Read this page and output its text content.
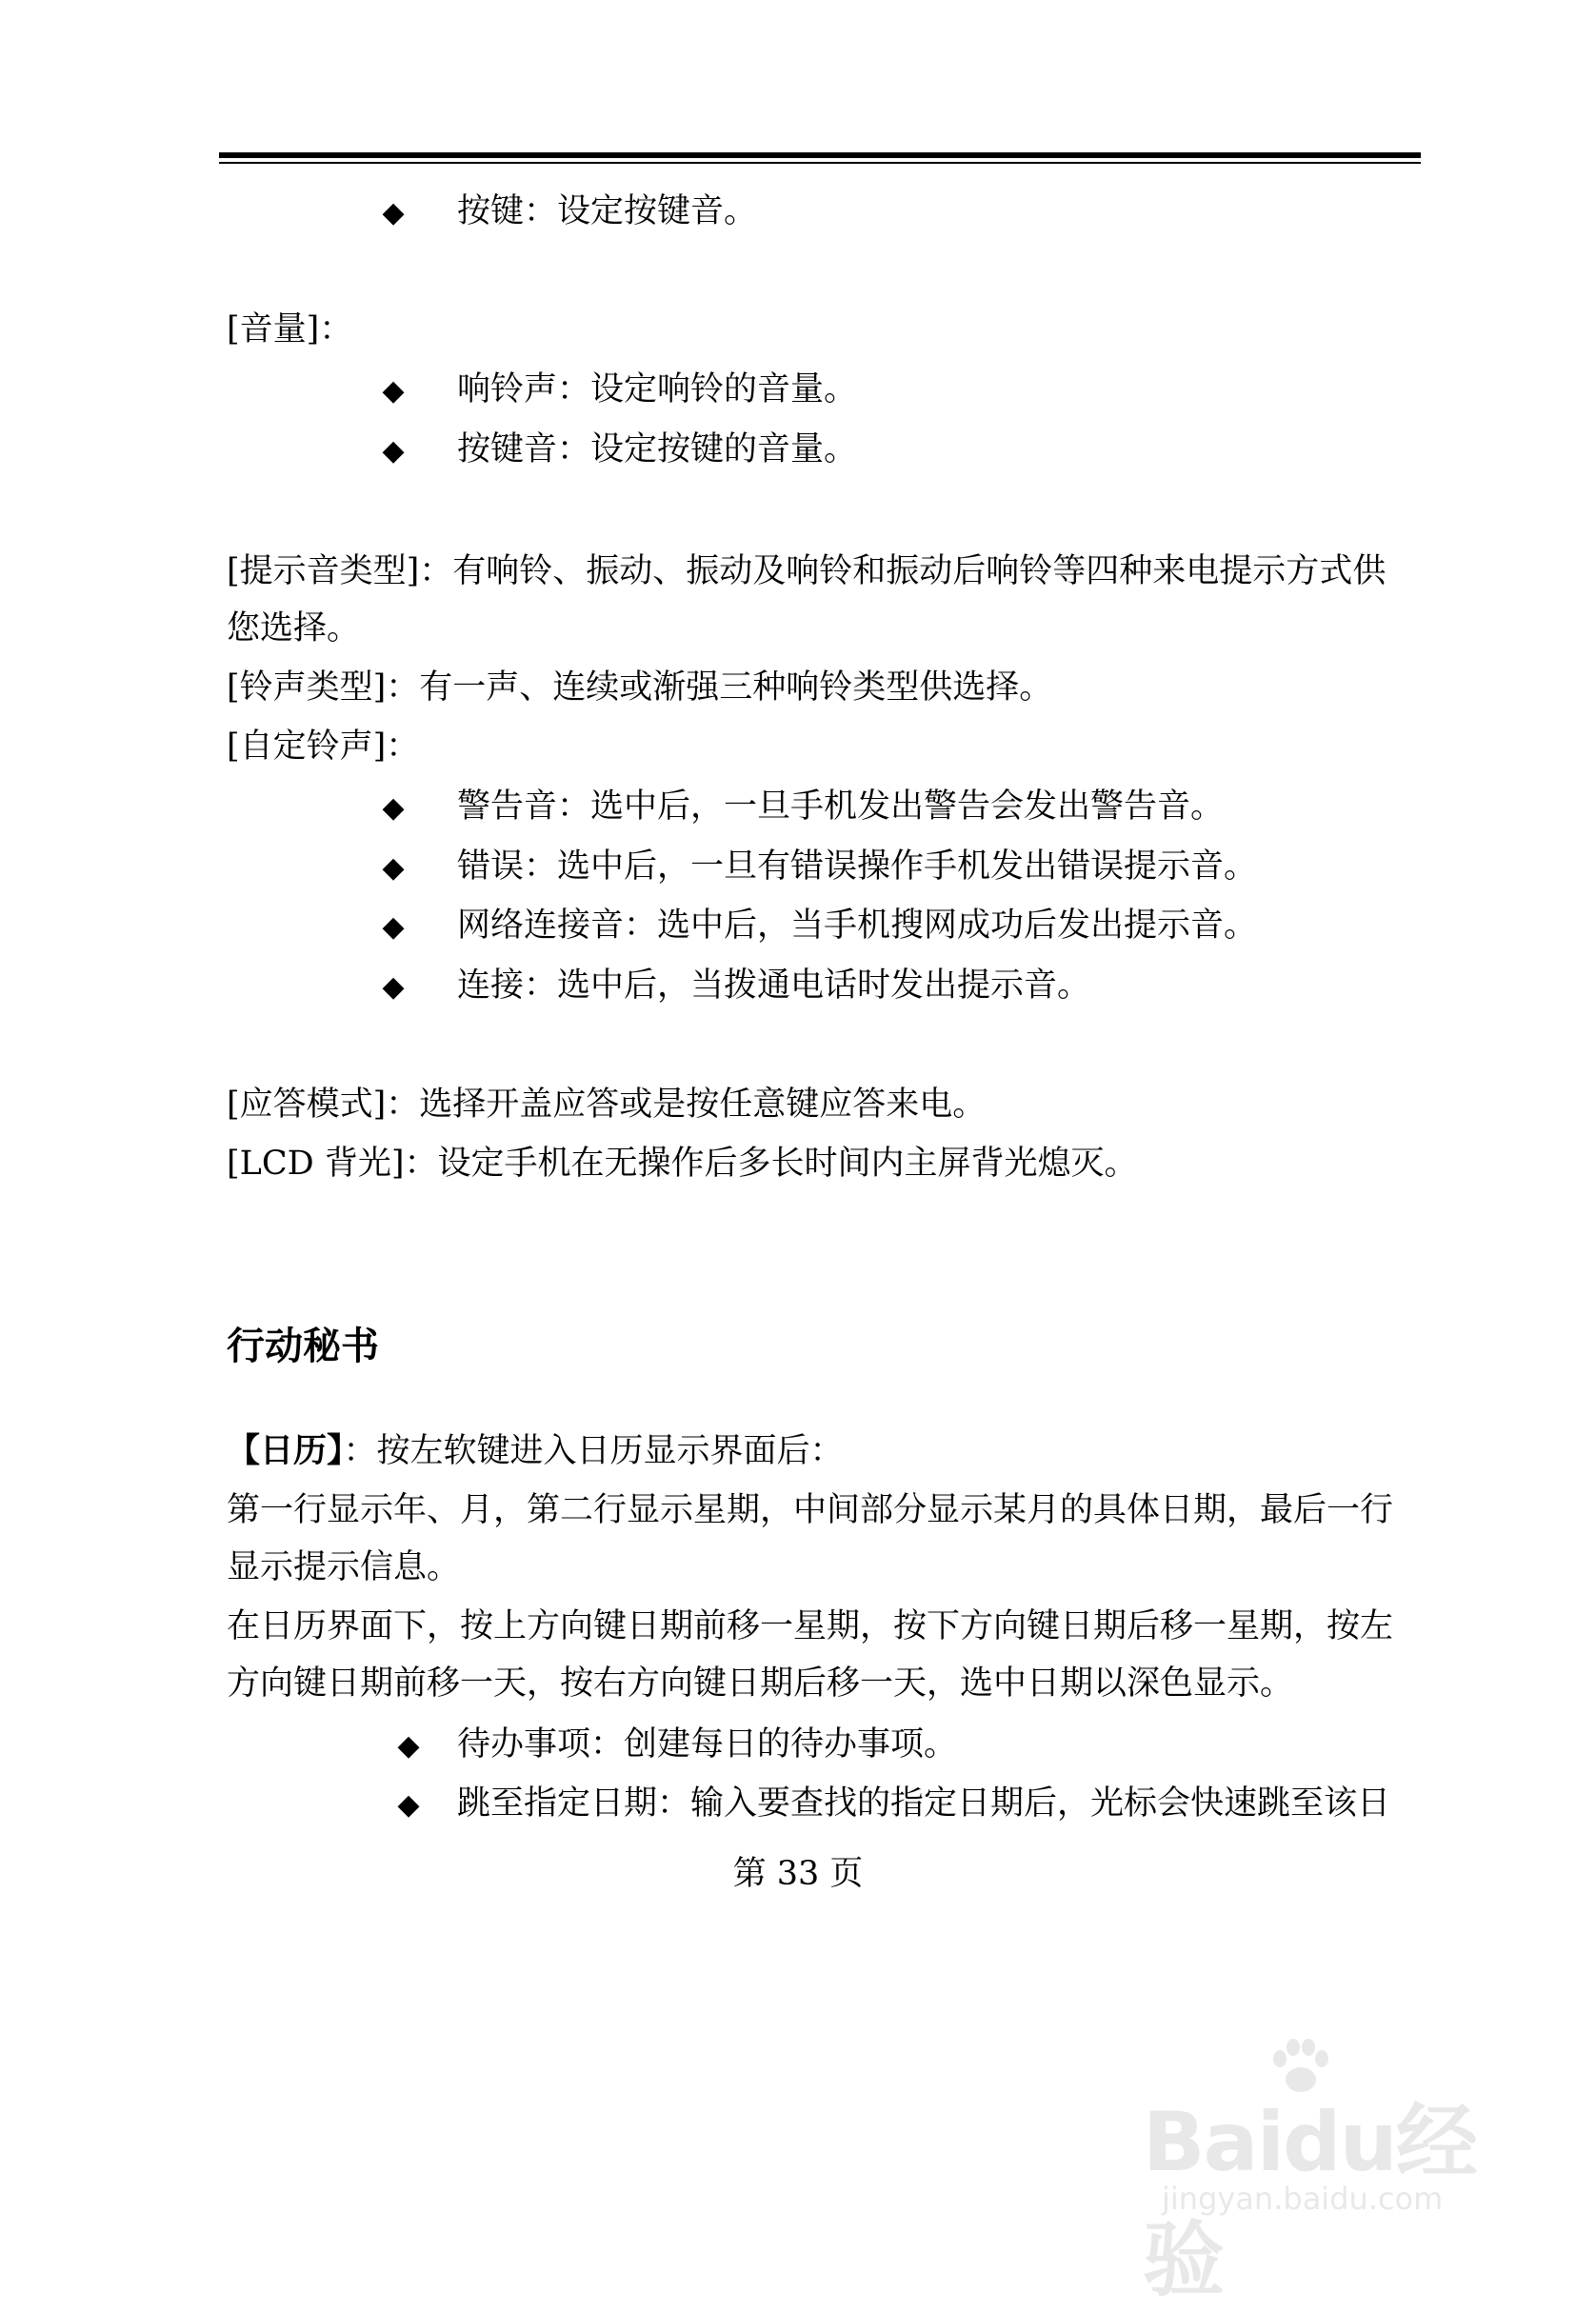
◆ 按键：设定按键音。
[音量]：
◆ 响铃声：设定响铃的音量。
◆ 按键音：设定按键的音量。
[提示音类型]：有响铃、振动、振动及响铃和振动后响铃等四种来电提示方式供
您选择。
[铃声类型]：有一声、连续或渐强三种响铃类型供选择。
[自定铃声]：
◆ 警告音：选中后，一旦手机发出警告会发出警告音。
◆ 错误：选中后，一旦有错误操作手机发出错误提示音。
◆ 网络连接音：选中后，当手机搜网成功后发出提示音。
◆ 连接：选中后，当拨通电话时发出提示音。
[应答模式]：选择开盖应答或是按任意键应答来电。
[LCD 背光]：设定手机在无操作后多长时间内主屏背光熄灭。
行动秘书
【日历】：按左软键进入日历显示界面后：
第一行显示年、月，第二行显示星期，中间部分显示某月的具体日期，最后一行
显示提示信息。
在日历界面下，按上方向键日期前移一星期，按下方向键日期后移一星期，按左
方向键日期前移一天，按右方向键日期后移一天，选中日期以深色显示。
◆ 待办事项：创建每日的待办事项。
◆ 跳至指定日期：输入要查找的指定日期后，光标会快速跳至该日
第 33 页
Baidu经验
jingyan.baidu.com
